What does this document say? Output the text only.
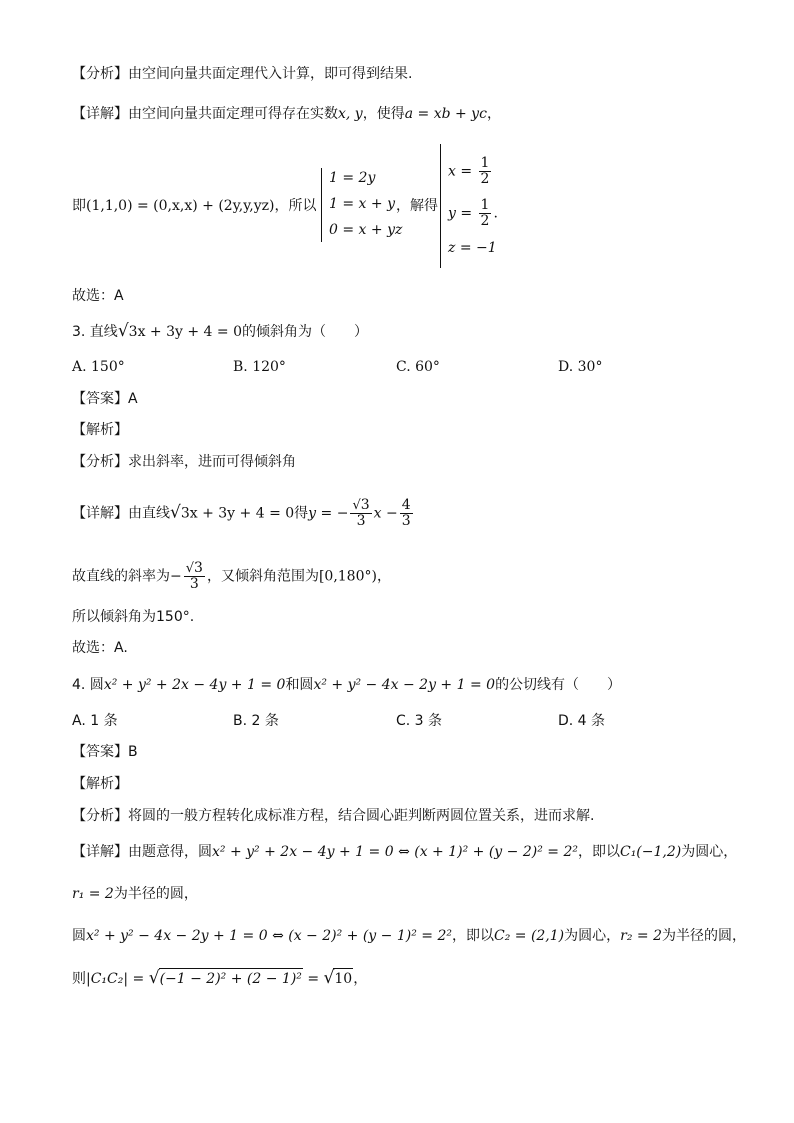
【分析】由空间向量共面定理代入计算，即可得到结果.
【详解】由空间向量共面定理可得存在实数x, y，使得a = xb + yc，
即(1,1,0) = (0,x,x) + (2y,y,yz)，所以
1 = 2y
1 = x + y
0 = x + yz
，解得
$x = \frac{1}{2}$
$y = \frac{1}{2}$ .
z = −1
故选：A
3. 直线√3x + 3y + 4 = 0的倾斜角为（　　）
A. 150°	B. 120°	C. 60°	D. 30°
【答案】A
【解析】
【分析】求出斜率，进而可得倾斜角
【详解】由直线√3x + 3y + 4 = 0得y = − $\frac{√3}{3}$ $x - \frac{4}{3}$
故直线的斜率为− $\frac{√3}{3}$ ，又倾斜角范围为[0,180°)，
所以倾斜角为150°.
故选：A.
4. 圆x² + y² + 2x − 4y + 1 = 0和圆x² + y² − 4x − 2y + 1 = 0的公切线有（　　）
A. 1 条	B. 2 条	C. 3 条	D. 4 条
【答案】B
【解析】
【分析】将圆的一般方程转化成标准方程，结合圆心距判断两圆位置关系，进而求解.
【详解】由题意得，圆x² + y² + 2x − 4y + 1 = 0 ⇔ (x + 1)² + (y − 2)² = 2²，即以C₁(−1,2)为圆心，
r₁ = 2为半径的圆，
圆x² + y² − 4x − 2y + 1 = 0 ⇔ (x − 2)² + (y − 1)² = 2²，即以C₂ = (2,1)为圆心，r₂ = 2为半径的圆，
则|C₁C₂| = √(−1 − 2)² + (2 − 1)² = √10，
